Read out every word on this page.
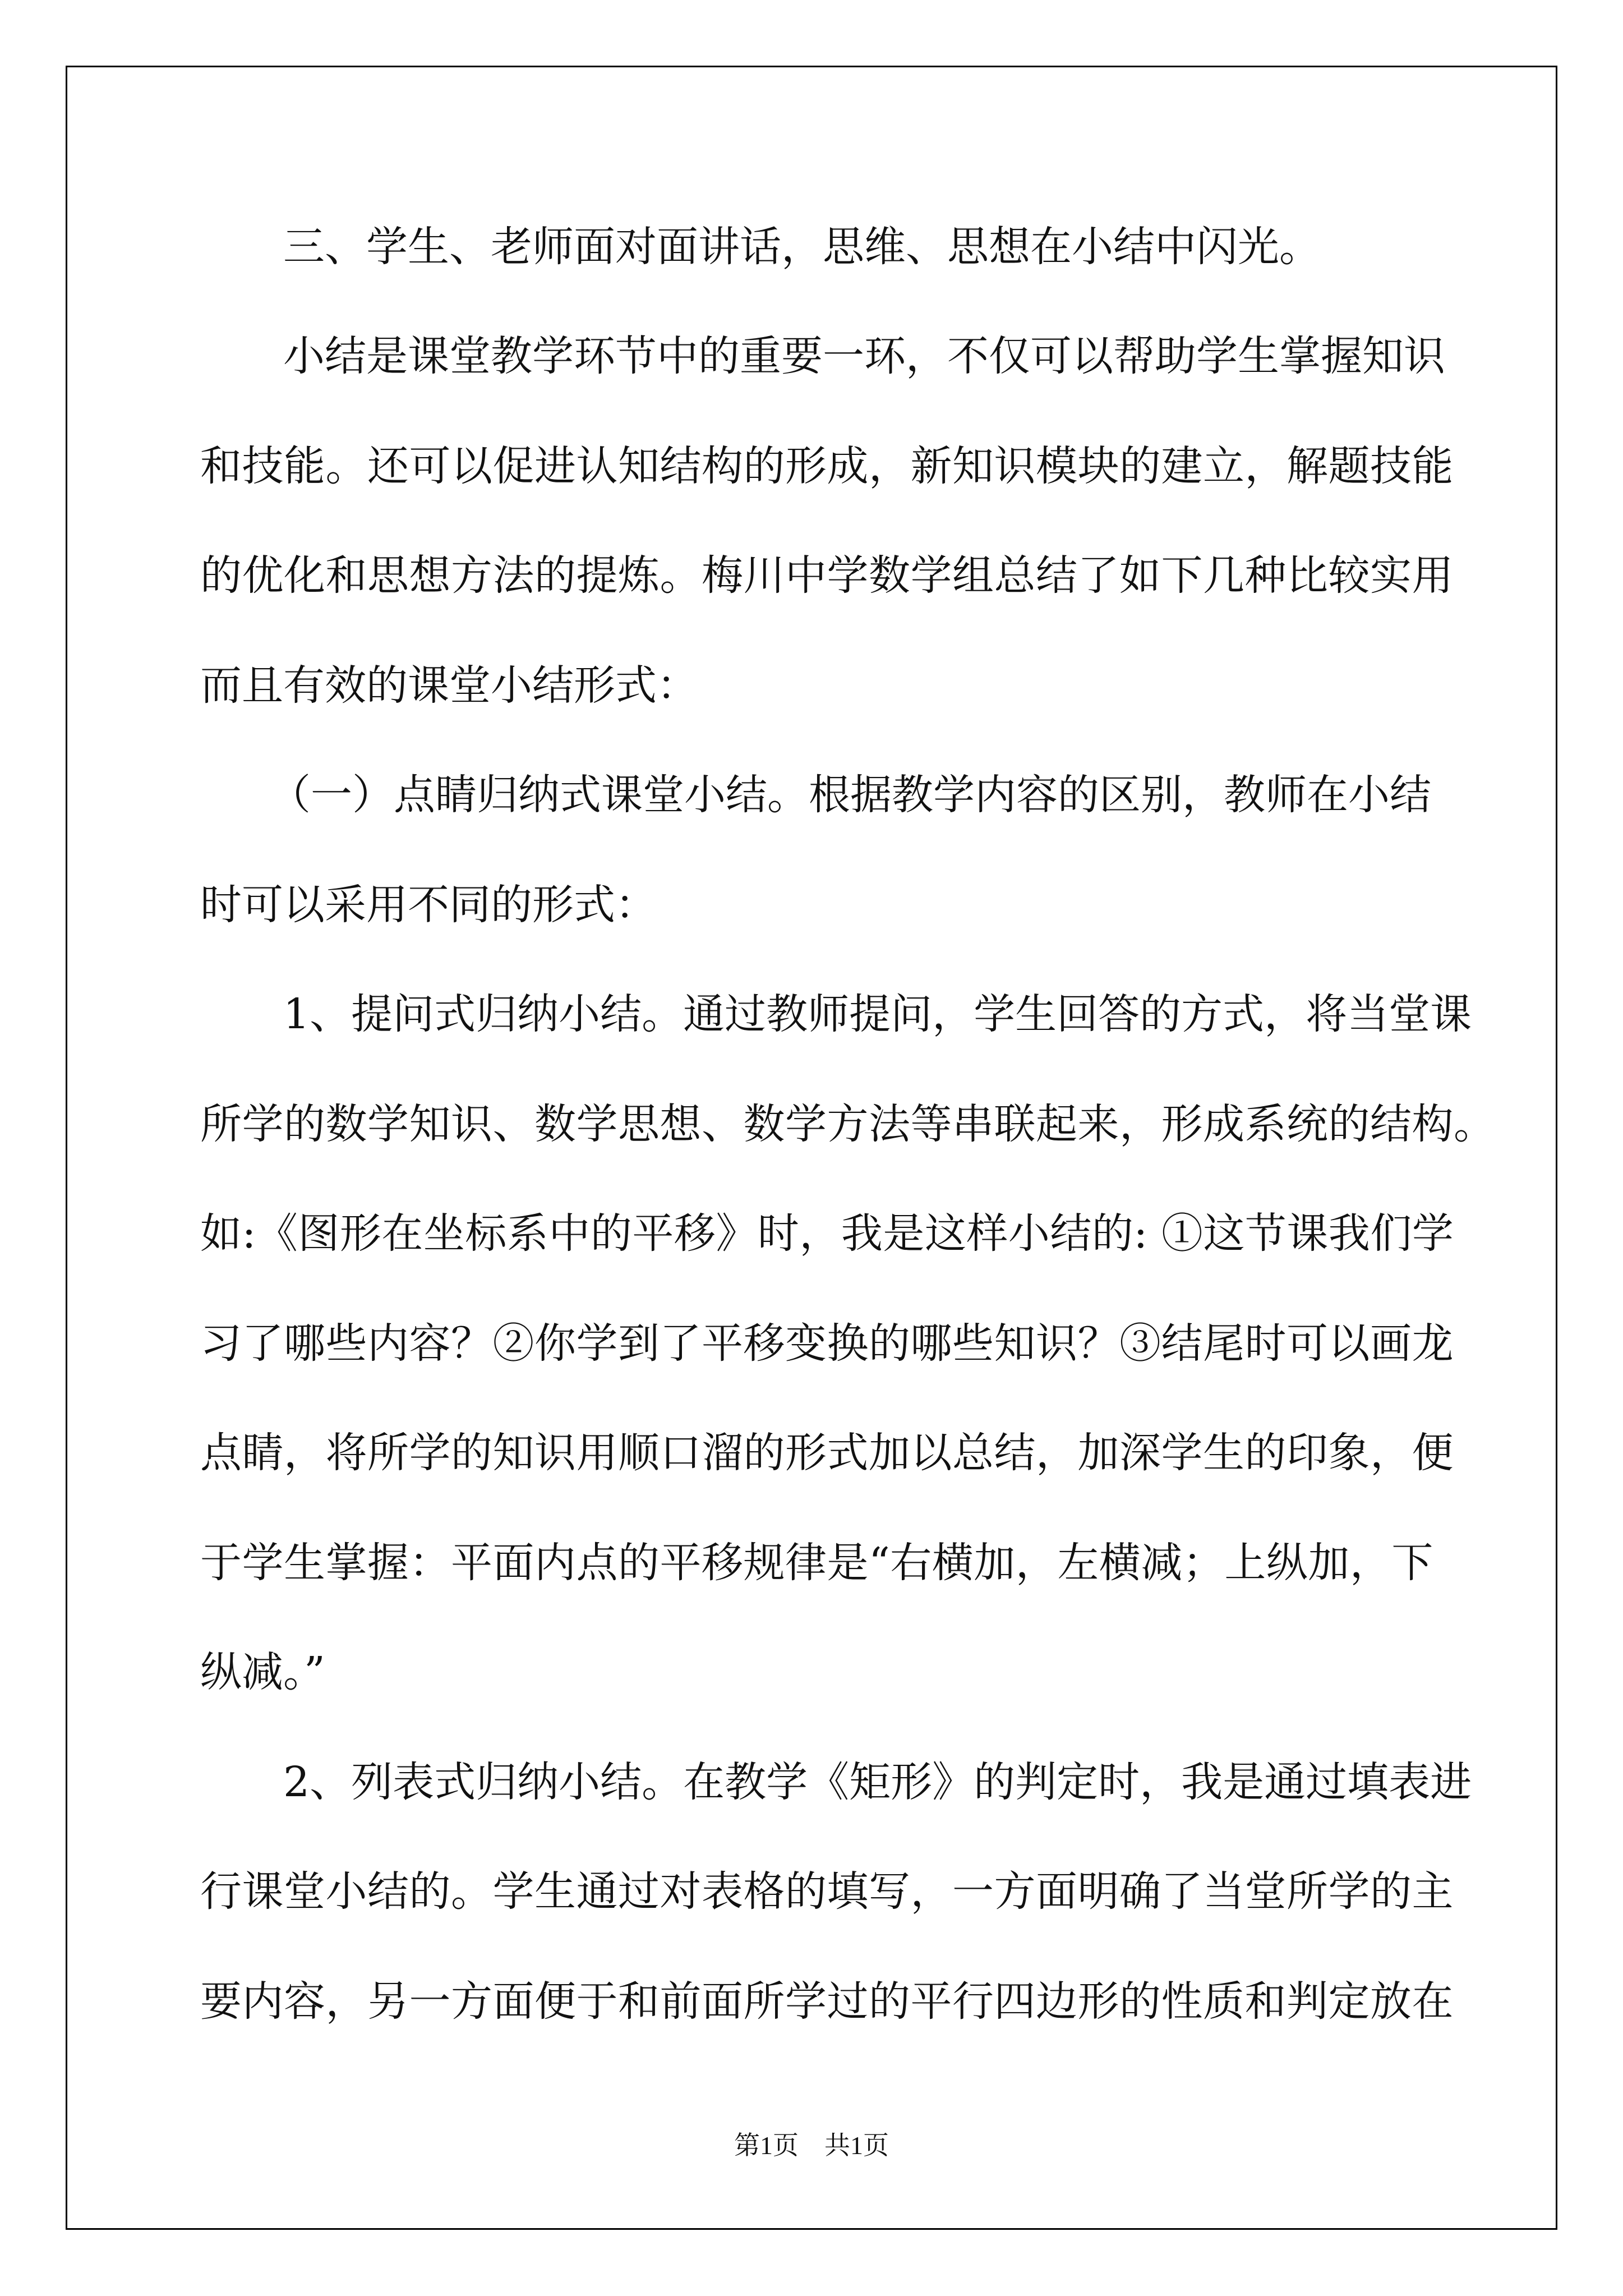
三、学生、老师面对面讲话，思维、思想在小结中闪光。
小结是课堂教学环节中的重要一环，不仅可以帮助学生掌握知识
和技能。还可以促进认知结构的形成，新知识模块的建立，解题技能
的优化和思想方法的提炼。梅川中学数学组总结了如下几种比较实用
而且有效的课堂小结形式：
（一）点睛归纳式课堂小结。根据教学内容的区别，教师在小结
时可以采用不同的形式：
1、提问式归纳小结。通过教师提问，学生回答的方式，将当堂课
所学的数学知识、数学思想、数学方法等串联起来，形成系统的结构。
如:《图形在坐标系中的平移》时，我是这样小结的: ①这节课我们学
习了哪些内容？②你学到了平移变换的哪些知识？③结尾时可以画龙
点睛，将所学的知识用顺口溜的形式加以总结，加深学生的印象，便
于学生掌握：平面内点的平移规律是“右横加，左横减；上纵加，下
纵减。”
2、列表式归纳小结。在教学《矩形》的判定时，我是通过填表进
行课堂小结的。学生通过对表格的填写，一方面明确了当堂所学的主
要内容，另一方面便于和前面所学过的平行四边形的性质和判定放在
第1页　共1页
